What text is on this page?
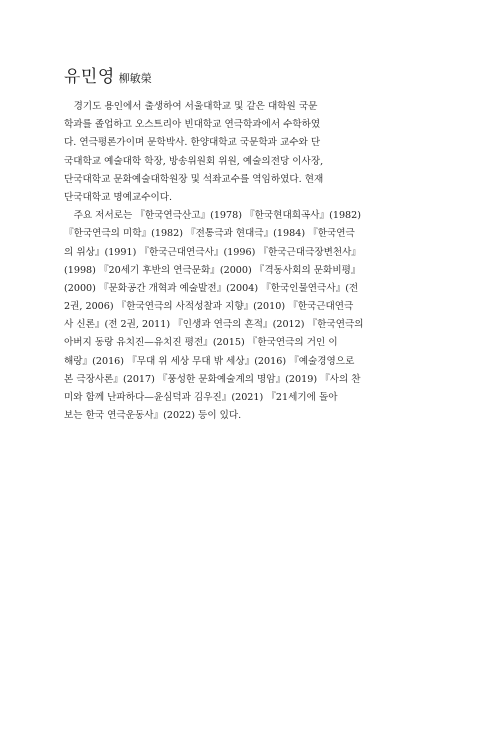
유민영 柳敏榮
　경기도 용인에서 출생하여 서울대학교 및 같은 대학원 국문
학과를 졸업하고 오스트리아 빈대학교 연극학과에서 수학하였
다. 연극평론가이며 문학박사. 한양대학교 국문학과 교수와 단
국대학교 예술대학 학장, 방송위원회 위원, 예술의전당 이사장,
단국대학교 문화예술대학원장 및 석좌교수를 역임하였다. 현재
단국대학교 명예교수이다.
　주요 저서로는 『한국연극산고』(1978) 『한국현대희곡사』(1982)
『한국연극의 미학』(1982) 『전통극과 현대극』(1984) 『한국연극
의 위상』(1991) 『한국근대연극사』(1996) 『한국근대극장변천사』
(1998) 『20세기 후반의 연극문화』(2000) 『격동사회의 문화비평』
(2000) 『문화공간 개혁과 예술발전』(2004) 『한국인물연극사』(전
2권, 2006) 『한국연극의 사적성찰과 지향』(2010) 『한국근대연극
사 신론』(전 2권, 2011) 『인생과 연극의 흔적』(2012) 『한국연극의
아버지 동랑 유치진—유치진 평전』(2015) 『한국연극의 거인 이
해랑』(2016) 『무대 위 세상 무대 밖 세상』(2016) 『예술경영으로
본 극장사론』(2017) 『풍성한 문화예술계의 명암』(2019) 『사의 찬
미와 함께 난파하다—윤심덕과 김우진』(2021) 『21세기에 돌아
보는 한국 연극운동사』(2022) 등이 있다.
